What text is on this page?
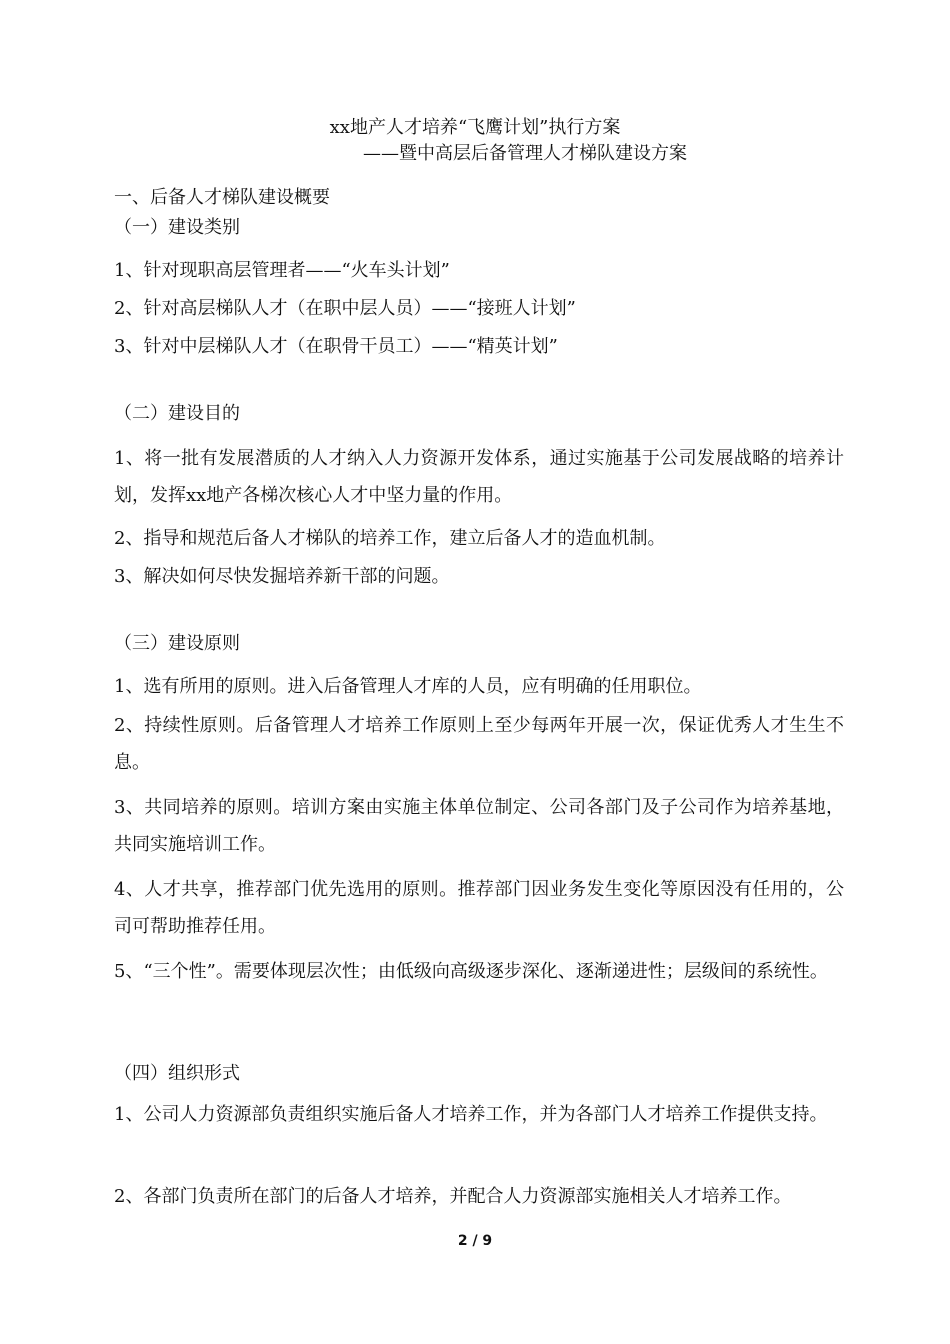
xx地产人才培养“飞鹰计划”执行方案
——暨中高层后备管理人才梯队建设方案
一、后备人才梯队建设概要
（一）建设类别
1、针对现职高层管理者——“火车头计划”
2、针对高层梯队人才（在职中层人员）——“接班人计划”
3、针对中层梯队人才（在职骨干员工）——“精英计划”
（二）建设目的
1、将一批有发展潜质的人才纳入人力资源开发体系，通过实施基于公司发展战略的培养计划，发挥xx地产各梯次核心人才中坚力量的作用。
2、指导和规范后备人才梯队的培养工作，建立后备人才的造血机制。
3、解决如何尽快发掘培养新干部的问题。
（三）建设原则
1、选有所用的原则。进入后备管理人才库的人员，应有明确的任用职位。
2、持续性原则。后备管理人才培养工作原则上至少每两年开展一次，保证优秀人才生生不息。
3、共同培养的原则。培训方案由实施主体单位制定、公司各部门及子公司作为培养基地，共同实施培训工作。
4、人才共享，推荐部门优先选用的原则。推荐部门因业务发生变化等原因没有任用的，公司可帮助推荐任用。
5、“三个性”。需要体现层次性；由低级向高级逐步深化、逐渐递进性；层级间的系统性。
（四）组织形式
1、公司人力资源部负责组织实施后备人才培养工作，并为各部门人才培养工作提供支持。
2、各部门负责所在部门的后备人才培养，并配合人力资源部实施相关人才培养工作。
2 / 9
